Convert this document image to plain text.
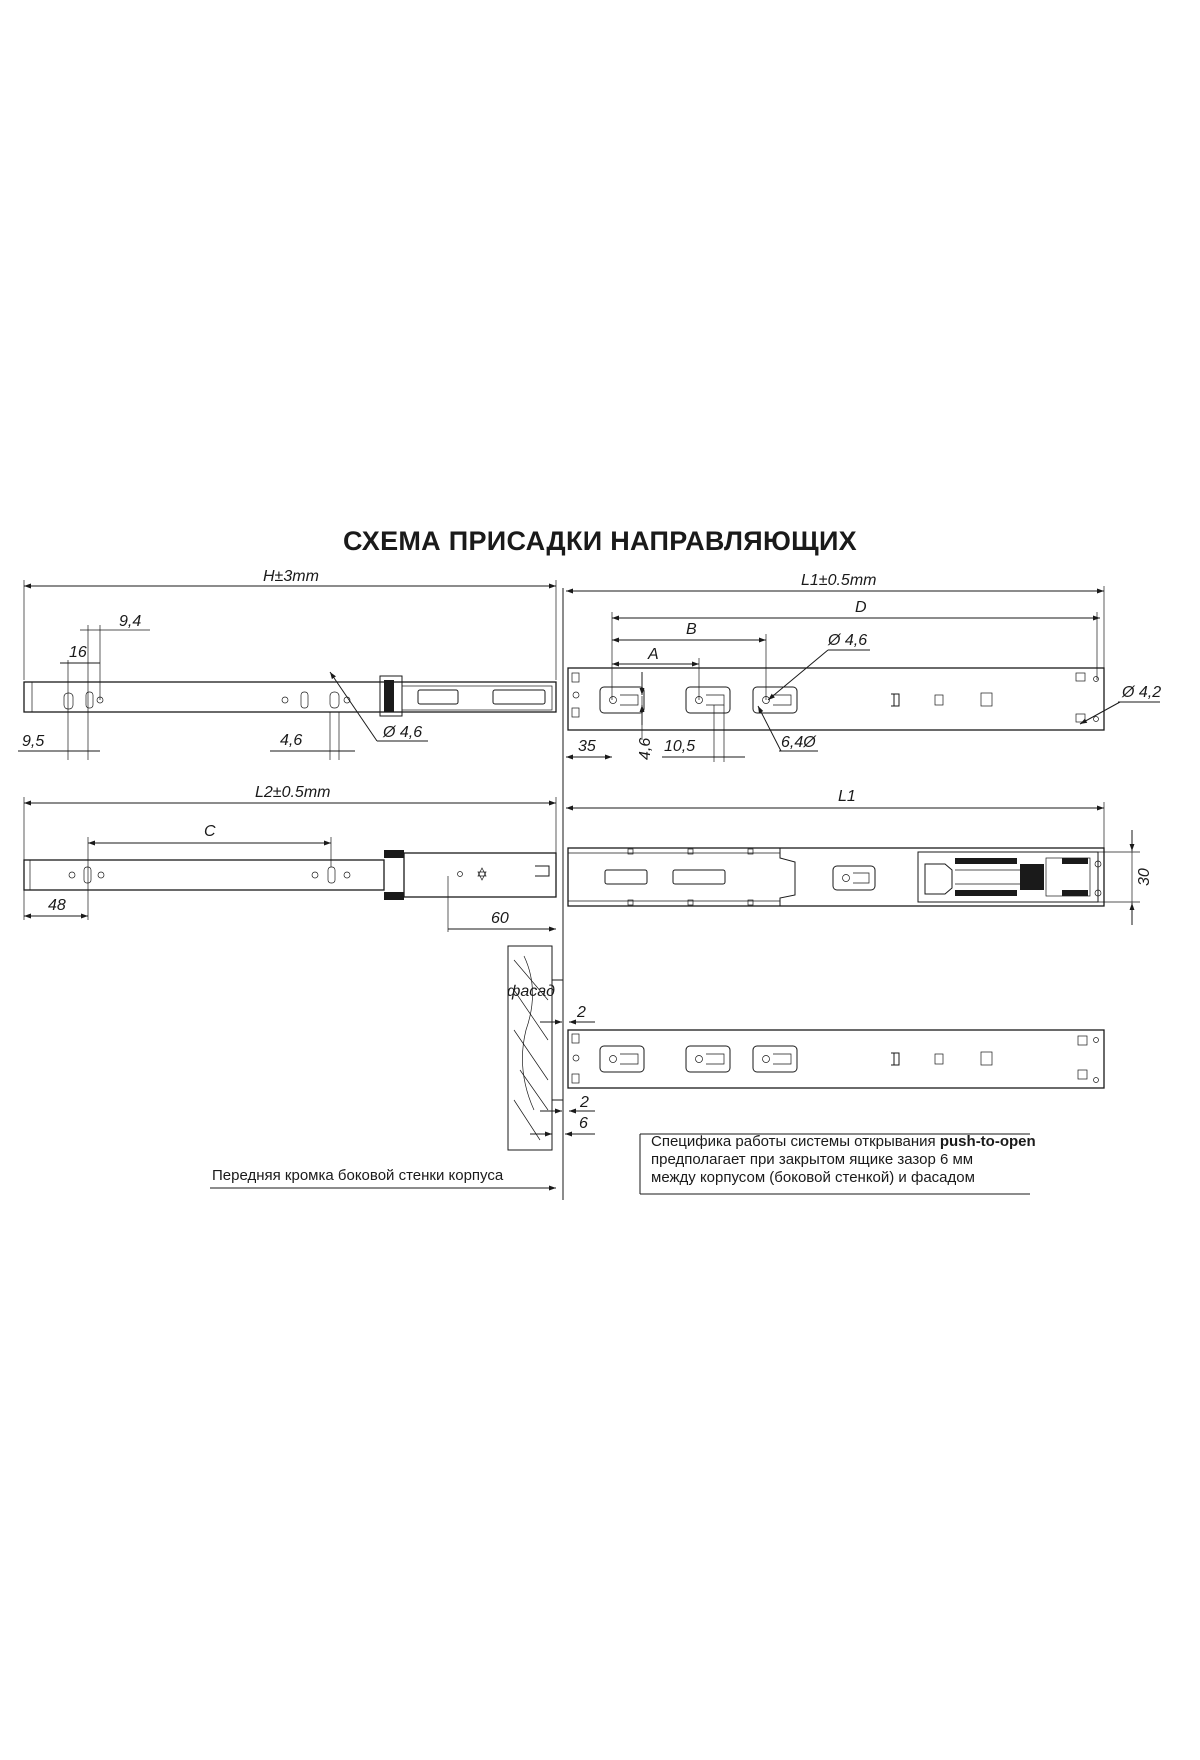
СХЕМА ПРИСАДКИ НАПРАВЛЯЮЩИХ
H±3mm
9,4
16
9,5	4,6	Ø 4,6
L1±0.5mm
D
B
A
Ø 4,6
35	4,6 10,5	6,4Ø
Ø 4,2
L2±0.5mm
C
48
60
L1
30
фасад
2
2
6
Передняя кромка боковой стенки корпуса
Специфика работы системы открывания push-to-open
предполагает при закрытом ящике зазор 6 мм
между корпусом (боковой стенкой) и фасадом
